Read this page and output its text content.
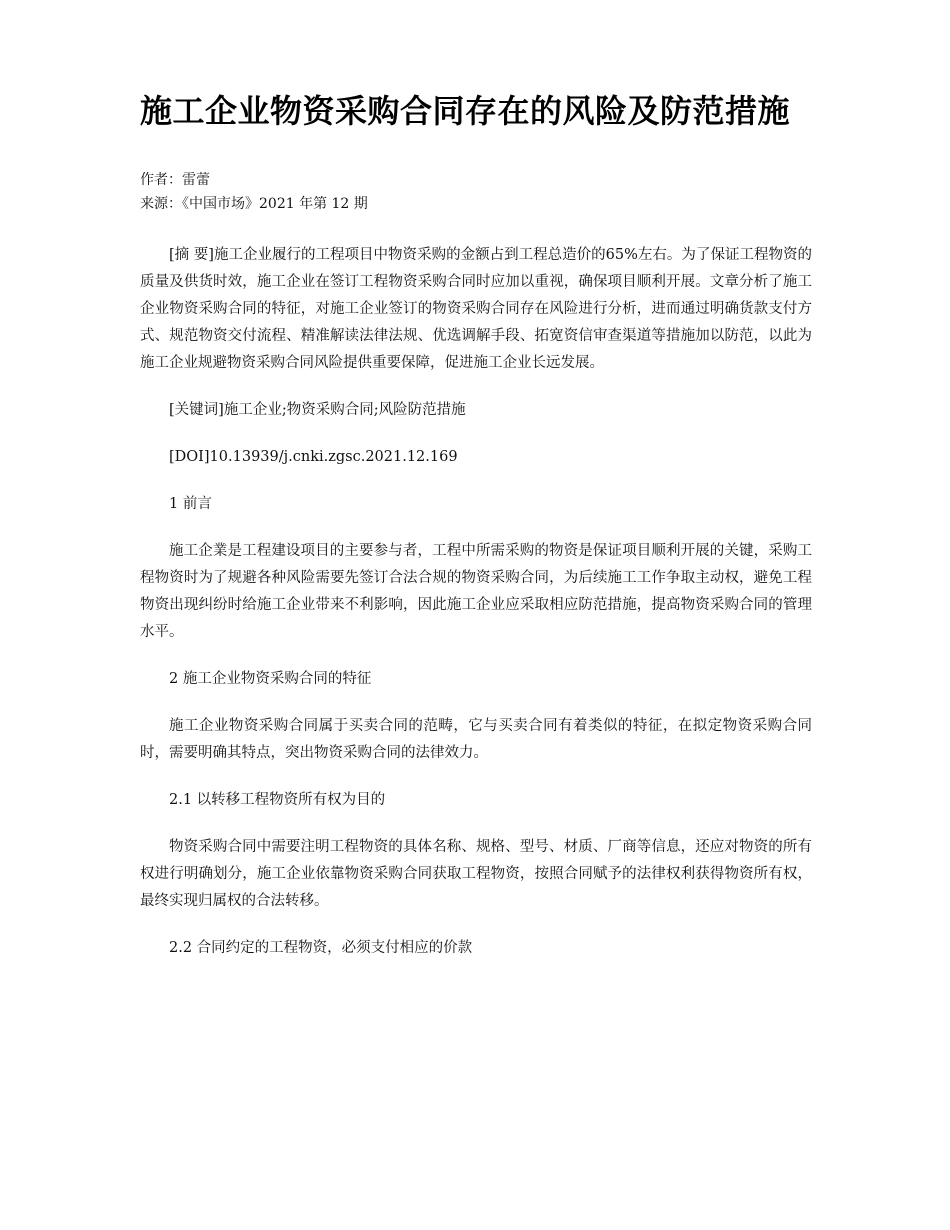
施工企业物资采购合同存在的风险及防范措施
作者：雷蕾
来源：《中国市场》2021 年第 12 期

[摘 要]施工企业履行的工程项目中物资采购的金额占到工程总造价的65%左右。为了保证工程物资的质量及供货时效，施工企业在签订工程物资采购合同时应加以重视，确保项目顺利开展。文章分析了施工企业物资采购合同的特征，对施工企业签订的物资采购合同存在风险进行分析，进而通过明确货款支付方式、规范物资交付流程、精准解读法律法规、优选调解手段、拓宽资信审查渠道等措施加以防范，以此为施工企业规避物资采购合同风险提供重要保障，促进施工企业长远发展。

[关键词]施工企业;物资采购合同;风险防范措施

[DOI]10.13939/j.cnki.zgsc.2021.12.169

1 前言

施工企業是工程建设项目的主要参与者，工程中所需采购的物资是保证项目顺利开展的关键，采购工程物资时为了规避各种风险需要先签订合法合规的物资采购合同，为后续施工工作争取主动权，避免工程物资出现纠纷时给施工企业带来不利影响，因此施工企业应采取相应防范措施，提高物资采购合同的管理水平。

2 施工企业物资采购合同的特征

施工企业物资采购合同属于买卖合同的范畴，它与买卖合同有着类似的特征，在拟定物资采购合同时，需要明确其特点，突出物资采购合同的法律效力。

2.1 以转移工程物资所有权为目的

物资采购合同中需要注明工程物资的具体名称、规格、型号、材质、厂商等信息，还应对物资的所有权进行明确划分，施工企业依靠物资采购合同获取工程物资，按照合同赋予的法律权利获得物资所有权，最终实现归属权的合法转移。

2.2 合同约定的工程物资，必须支付相应的价款
